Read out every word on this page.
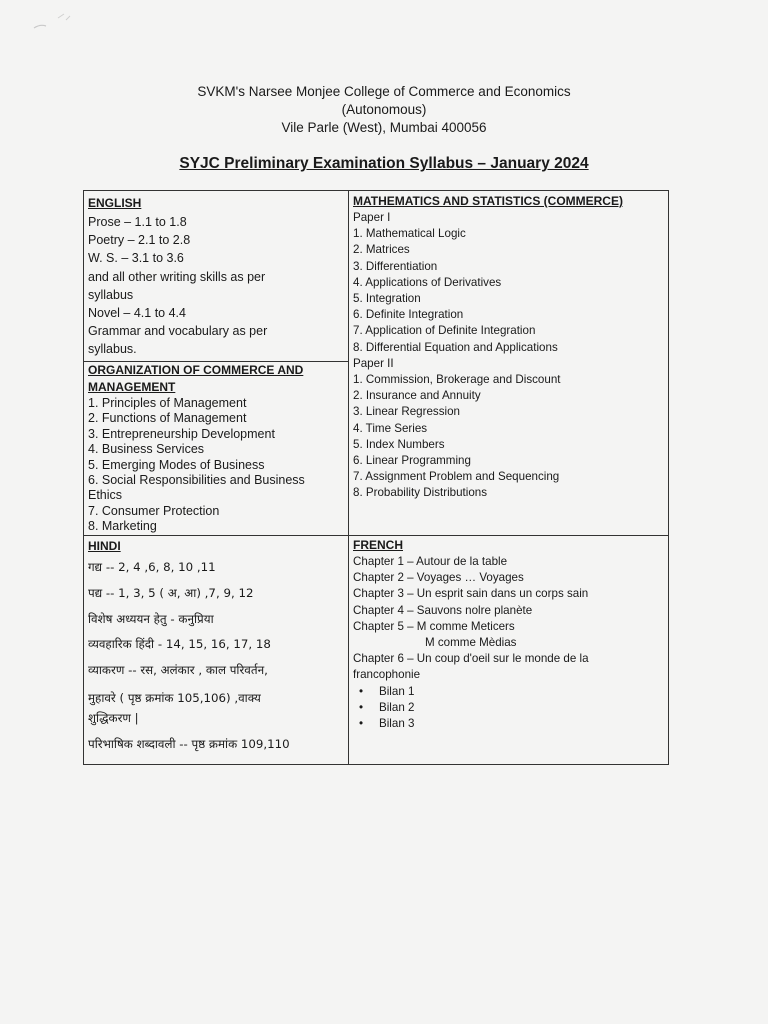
SVKM's Narsee Monjee College of Commerce and Economics
(Autonomous)
Vile Parle (West), Mumbai 400056
SYJC Preliminary Examination Syllabus – January 2024
ENGLISH
Prose – 1.1 to 1.8
Poetry – 2.1 to 2.8
W. S. – 3.1 to 3.6
and all other writing skills as per
syllabus
Novel – 4.1 to 4.4
Grammar and vocabulary as per
syllabus.
ORGANIZATION OF COMMERCE AND
MANAGEMENT
1. Principles of Management
2. Functions of Management
3. Entrepreneurship Development
4. Business Services
5. Emerging Modes of Business
6. Social Responsibilities and Business
Ethics
7. Consumer Protection
8. Marketing
MATHEMATICS AND STATISTICS (COMMERCE)
Paper I
1. Mathematical Logic
2. Matrices
3. Differentiation
4. Applications of Derivatives
5. Integration
6. Definite Integration
7. Application of Definite Integration
8. Differential Equation and Applications
Paper II
1. Commission, Brokerage and Discount
2. Insurance and Annuity
3. Linear Regression
4. Time Series
5. Index Numbers
6. Linear Programming
7. Assignment Problem and Sequencing
8. Probability Distributions
HINDI
गद्य -- 2, 4 ,6, 8, 10 ,11
पद्य -- 1, 3, 5 ( अ, आ) ,7, 9, 12
विशेष अध्ययन हेतु - कनुप्रिया
व्यवहारिक हिंदी - 14, 15, 16, 17, 18
व्याकरण -- रस, अलंकार , काल परिवर्तन,
मुहावरे ( पृष्ठ क्रमांक 105,106) ,वाक्य
शुद्धिकरण |
परिभाषिक शब्दावली -- पृष्ठ क्रमांक 109,110
FRENCH
Chapter 1 – Autour de la table
Chapter 2 – Voyages … Voyages
Chapter 3 – Un esprit sain dans un corps sain
Chapter 4 – Sauvons nolre planète
Chapter 5 – M comme Meticers
M comme Mèdias
Chapter 6 – Un coup d'oeil sur le monde de la
francophonie
• Bilan 1
• Bilan 2
• Bilan 3
